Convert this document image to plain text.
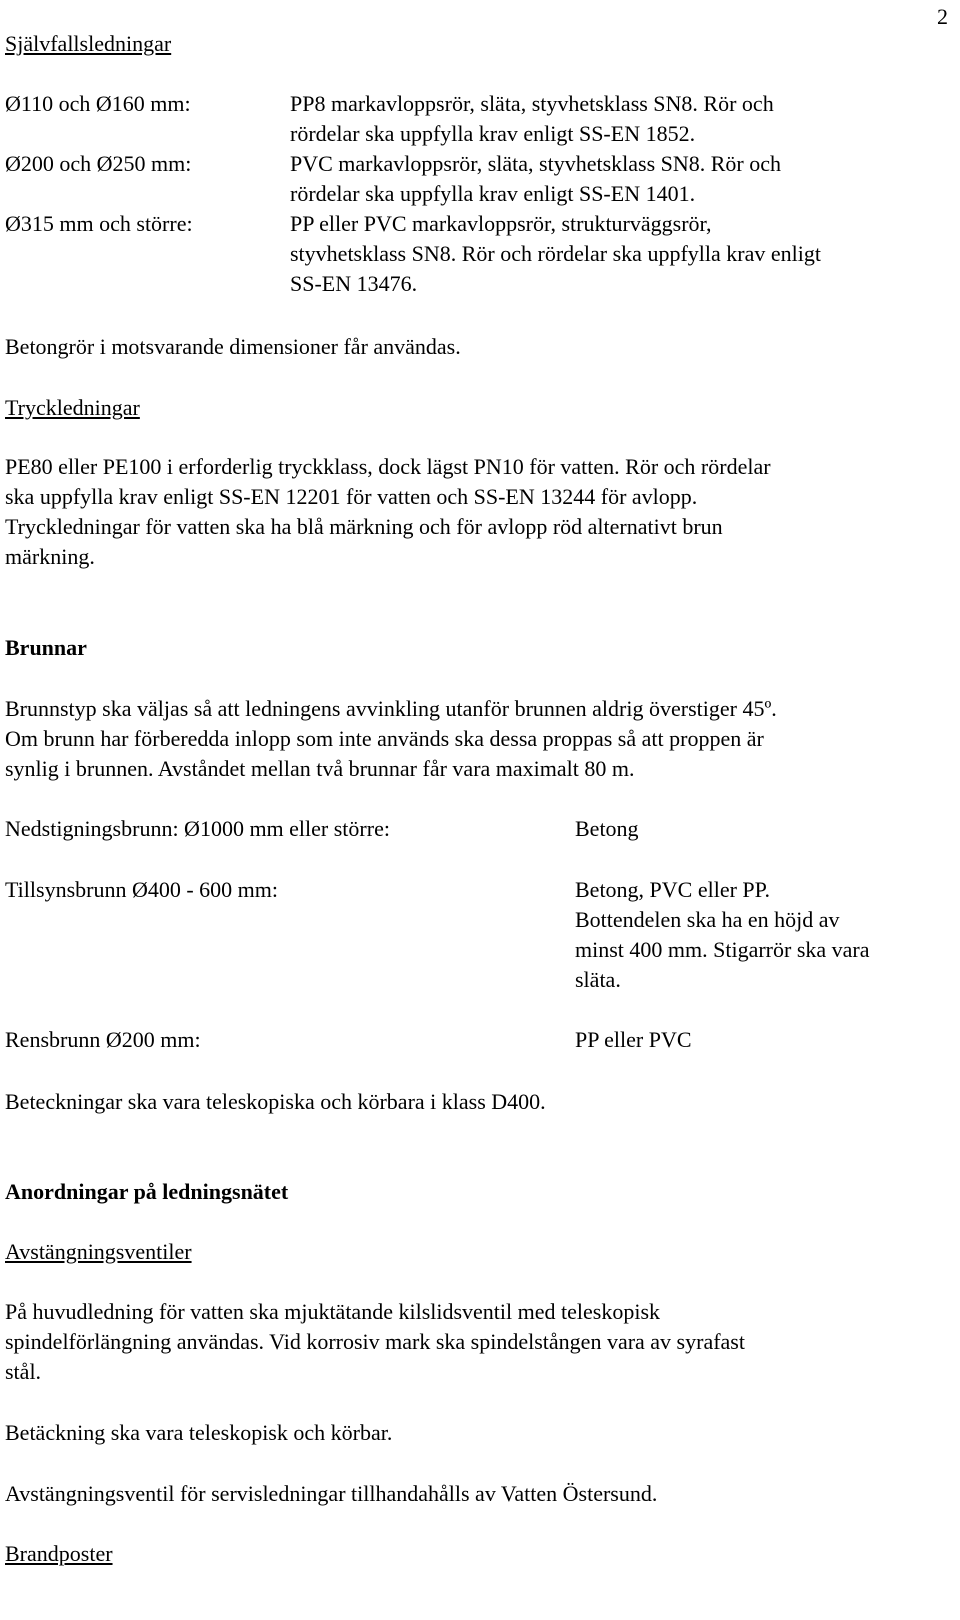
2
Självfallsledningar
Ø110 och Ø160 mm:	PP8 markavloppsrör, släta, styvhetsklass SN8. Rör och
rördelar ska uppfylla krav enligt SS-EN 1852.
Ø200 och Ø250 mm:	PVC markavloppsrör, släta, styvhetsklass SN8. Rör och
rördelar ska uppfylla krav enligt SS-EN 1401.
Ø315 mm och större:	PP eller PVC markavloppsrör, strukturväggsrör,
styvhetsklass SN8. Rör och rördelar ska uppfylla krav enligt
SS-EN 13476.
Betongrör i motsvarande dimensioner får användas.
Tryckledningar

PE80 eller PE100 i erforderlig tryckklass, dock lägst PN10 för vatten. Rör och rördelar
ska uppfylla krav enligt SS-EN 12201 för vatten och SS-EN 13244 för avlopp.
Tryckledningar för vatten ska ha blå märkning och för avlopp röd alternativt brun
märkning.

Brunnar

Brunnstyp ska väljas så att ledningens avvinkling utanför brunnen aldrig överstiger 45º.
Om brunn har förberedda inlopp som inte används ska dessa proppas så att proppen är
synlig i brunnen. Avståndet mellan två brunnar får vara maximalt 80 m.

Nedstigningsbrunn: Ø1000 mm eller större:	Betong
Tillsynsbrunn Ø400 - 600 mm:	Betong, PVC eller PP.
Bottendelen ska ha en höjd av
minst 400 mm. Stigarrör ska vara
släta.
Rensbrunn Ø200 mm:	PP eller PVC
Beteckningar ska vara teleskopiska och körbara i klass D400.
Anordningar på ledningsnätet
Avstängningsventiler

På huvudledning för vatten ska mjuktätande kilslidsventil med teleskopisk
spindelförlängning användas. Vid korrosiv mark ska spindelstången vara av syrafast
stål.

Betäckning ska vara teleskopisk och körbar.
Avstängningsventil för servisledningar tillhandahålls av Vatten Östersund.
Brandposter
